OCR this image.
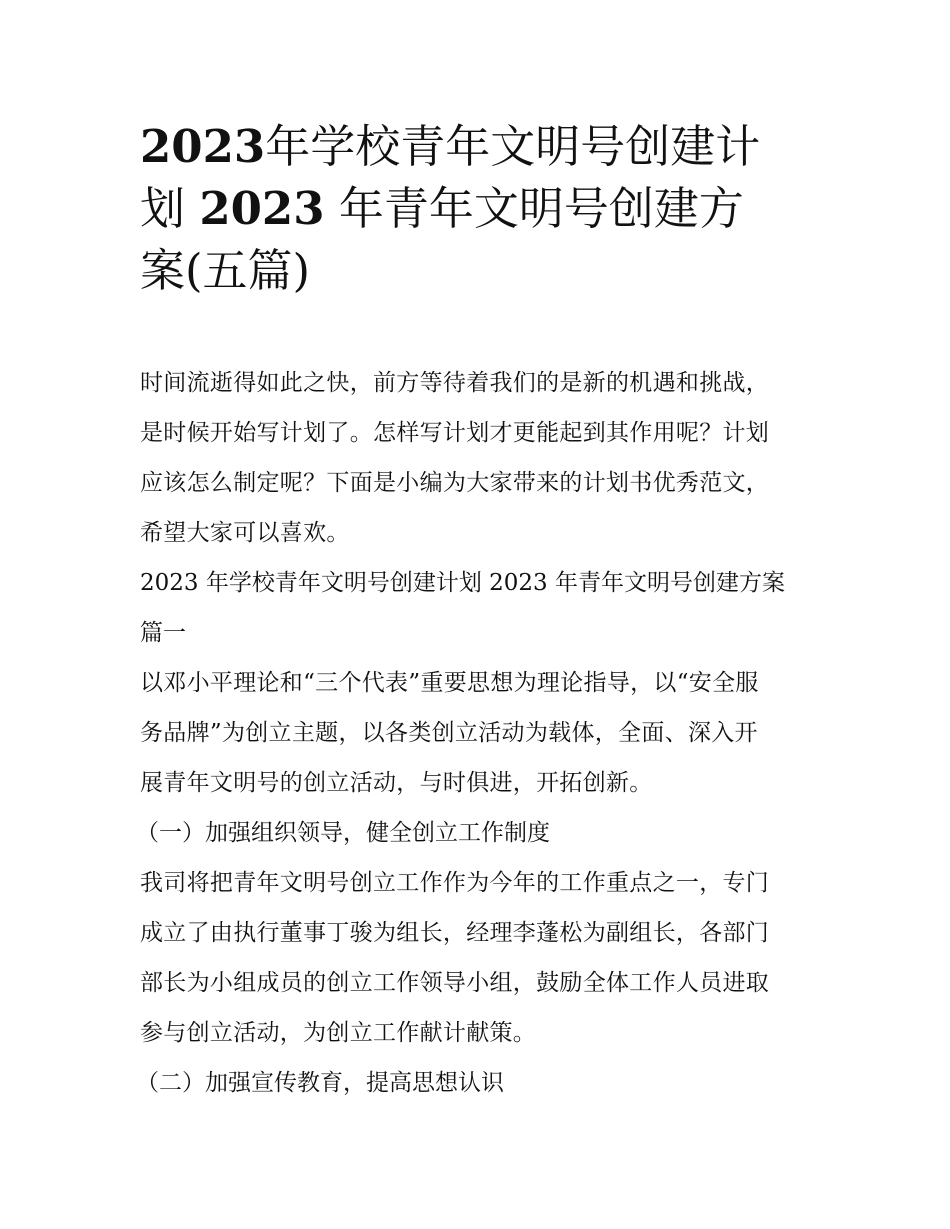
2023年学校青年文明号创建计
划 2023 年青年文明号创建方
案(五篇)

时间流逝得如此之快，前方等待着我们的是新的机遇和挑战，
是时候开始写计划了。怎样写计划才更能起到其作用呢？计划
应该怎么制定呢？下面是小编为大家带来的计划书优秀范文，
希望大家可以喜欢。

2023 年学校青年文明号创建计划 2023 年青年文明号创建方案
篇一

以邓小平理论和“三个代表”重要思想为理论指导，以“安全服
务品牌”为创立主题，以各类创立活动为载体，全面、深入开
展青年文明号的创立活动，与时俱进，开拓创新。

（一）加强组织领导，健全创立工作制度

我司将把青年文明号创立工作作为今年的工作重点之一，专门
成立了由执行董事丁骏为组长，经理李蓬松为副组长，各部门
部长为小组成员的创立工作领导小组，鼓励全体工作人员进取
参与创立活动，为创立工作献计献策。

（二）加强宣传教育，提高思想认识
